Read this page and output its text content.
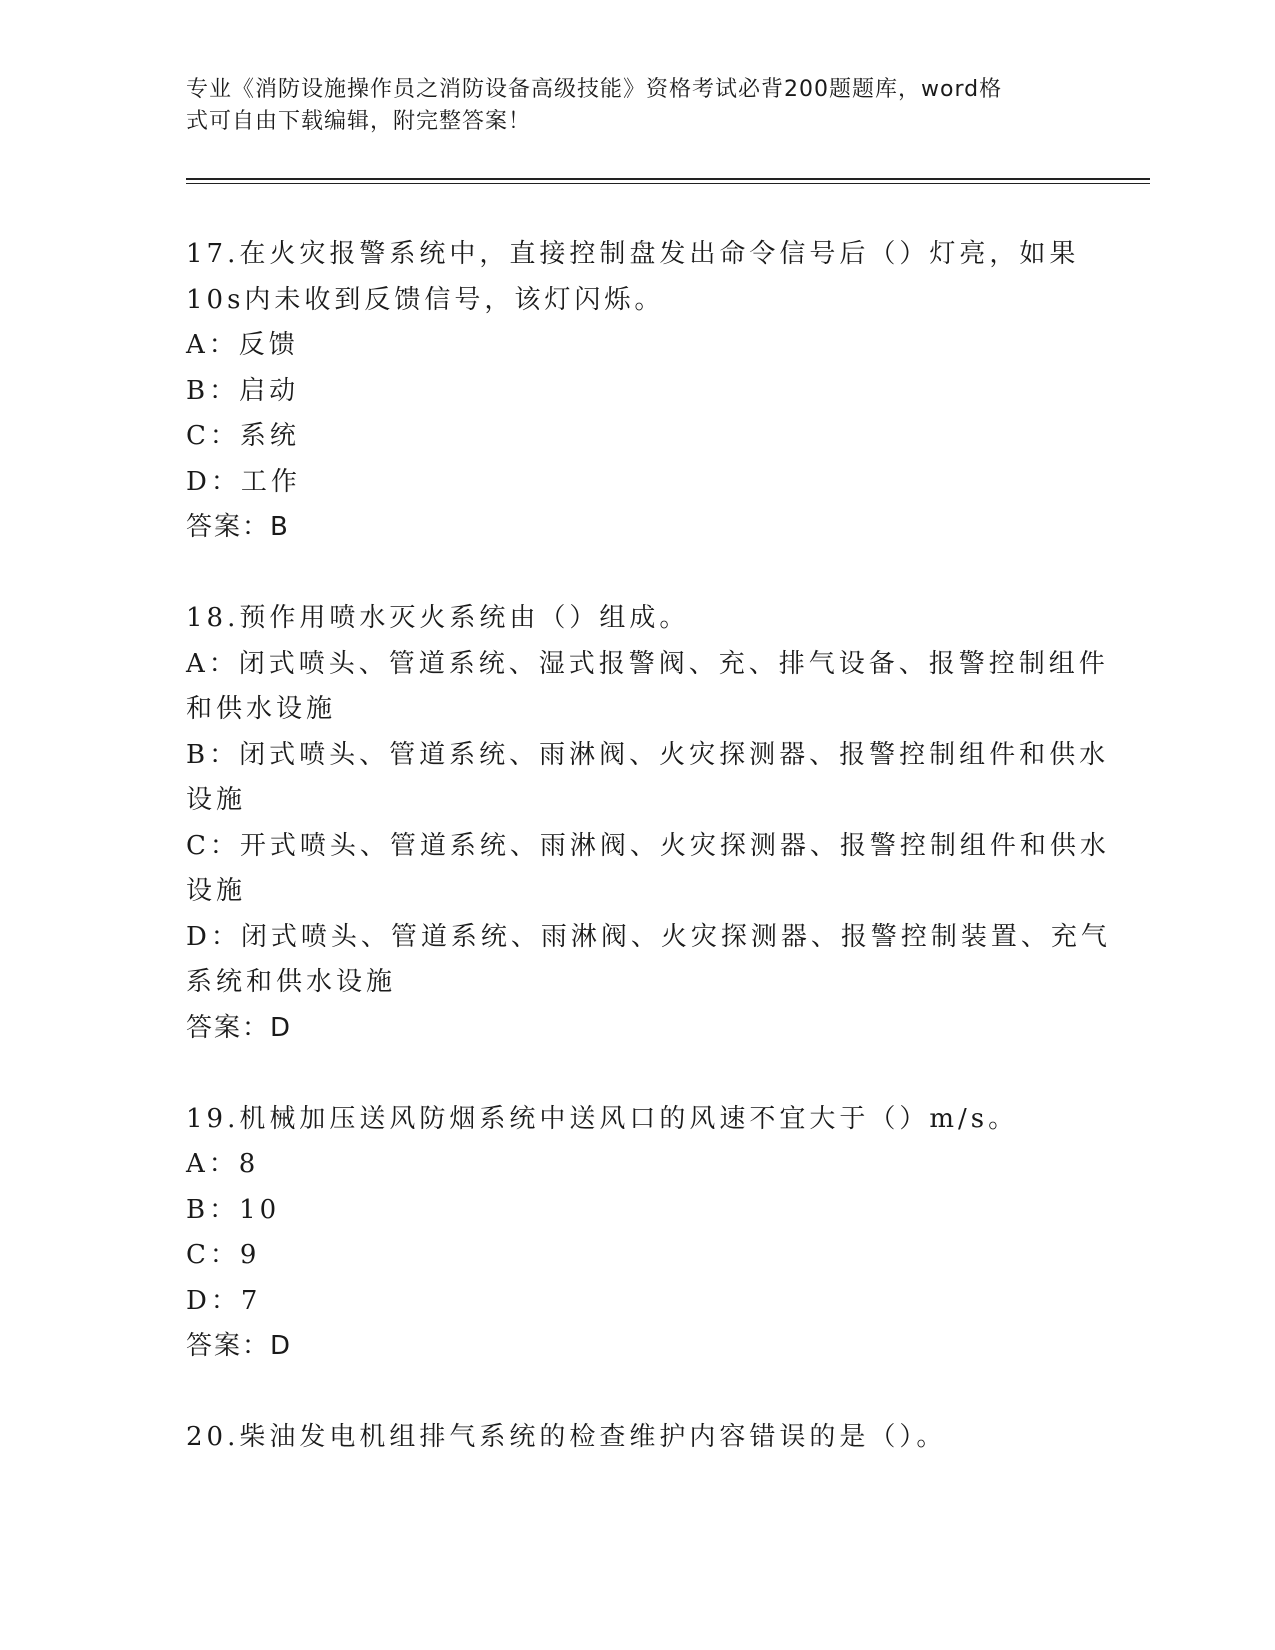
专业《消防设施操作员之消防设备高级技能》资格考试必背200题题库，word格
式可自由下载编辑，附完整答案！
17.在火灾报警系统中，直接控制盘发出命令信号后（）灯亮，如果
10s内未收到反馈信号，该灯闪烁。
A：反馈
B：启动
C：系统
D：工作
答案：B
18.预作用喷水灭火系统由（）组成。
A：闭式喷头、管道系统、湿式报警阀、充、排气设备、报警控制组件
和供水设施
B：闭式喷头、管道系统、雨淋阀、火灾探测器、报警控制组件和供水
设施
C：开式喷头、管道系统、雨淋阀、火灾探测器、报警控制组件和供水
设施
D：闭式喷头、管道系统、雨淋阀、火灾探测器、报警控制装置、充气
系统和供水设施
答案：D
19.机械加压送风防烟系统中送风口的风速不宜大于（）m/s。
A：8
B：10
C：9
D：7
答案：D
20.柴油发电机组排气系统的检查维护内容错误的是（）。
